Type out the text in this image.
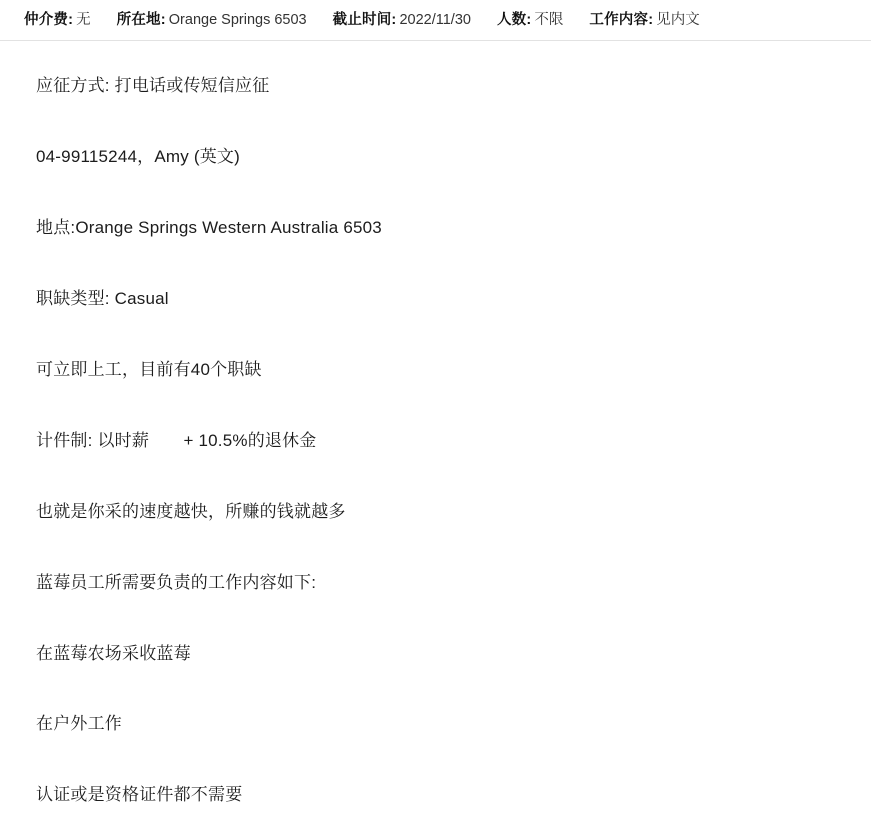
仲介费: 无 所在地: Orange Springs 6503 截止时间: 2022/11/30 人数: 不限 工作内容: 见内文

应征方式: 打电话或传短信应征

04-99115244，Amy (英文)

地点:Orange Springs Western Australia 6503

职缺类型: Casual

可立即上工，目前有40个职缺

计件制: 以时薪　　+ 10.5%的退休金

也就是你采的速度越快，所赚的钱就越多

蓝莓员工所需要负责的工作内容如下:

在蓝莓农场采收蓝莓

在户外工作

认证或是资格证件都不需要
